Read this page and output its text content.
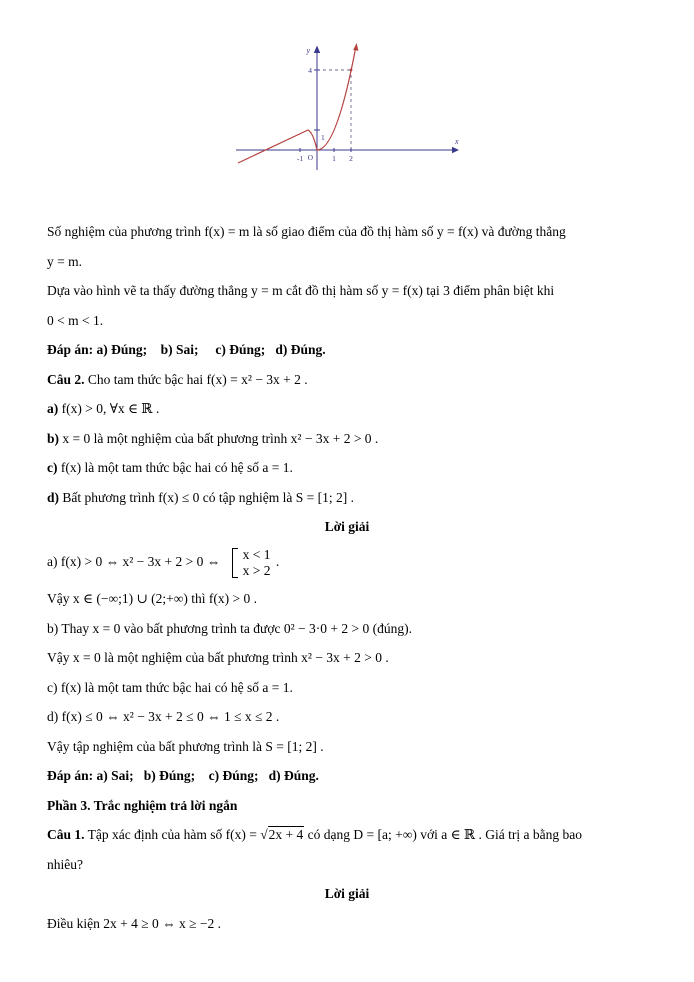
y
x
O
-1	1 2
4
1
Số nghiệm của phương trình f(x) = m là số giao điểm của đồ thị hàm số y = f(x) và đường thẳng
y = m.
Dựa vào hình vẽ ta thấy đường thẳng y = m cắt đồ thị hàm số y = f(x) tại 3 điểm phân biệt khi
0 < m < 1.
Đáp án: a) Đúng;    b) Sai;     c) Đúng;   d) Đúng.
Câu 2. Cho tam thức bậc hai f(x) = x² − 3x + 2 .
a) f(x) > 0, ∀x ∈ ℝ .
b) x = 0 là một nghiệm của bất phương trình x² − 3x + 2 > 0 .
c) f(x) là một tam thức bậc hai có hệ số a = 1.
d) Bất phương trình f(x) ≤ 0 có tập nghiệm là S = [1; 2] .
Lời giải
a) f(x) > 0 ⇔ x² − 3x + 2 > 0 ⇔ x < 1
x > 2
.
Vậy x ∈ (−∞;1) ∪ (2;+∞) thì f(x) > 0 .
b) Thay x = 0 vào bất phương trình ta được 0² − 3·0 + 2 > 0 (đúng).
Vậy x = 0 là một nghiệm của bất phương trình x² − 3x + 2 > 0 .
c) f(x) là một tam thức bậc hai có hệ số a = 1.
d) f(x) ≤ 0 ⇔ x² − 3x + 2 ≤ 0 ⇔ 1 ≤ x ≤ 2 .
Vậy tập nghiệm của bất phương trình là S = [1; 2] .
Đáp án: a) Sai;   b) Đúng;    c) Đúng;   d) Đúng.
Phần 3. Trắc nghiệm trả lời ngắn
Câu 1. Tập xác định của hàm số f(x) = √2x + 4 có dạng D = [a; +∞) với a ∈ ℝ . Giá trị a bằng bao
nhiêu?
Lời giải
Điều kiện 2x + 4 ≥ 0 ⇔ x ≥ −2 .
